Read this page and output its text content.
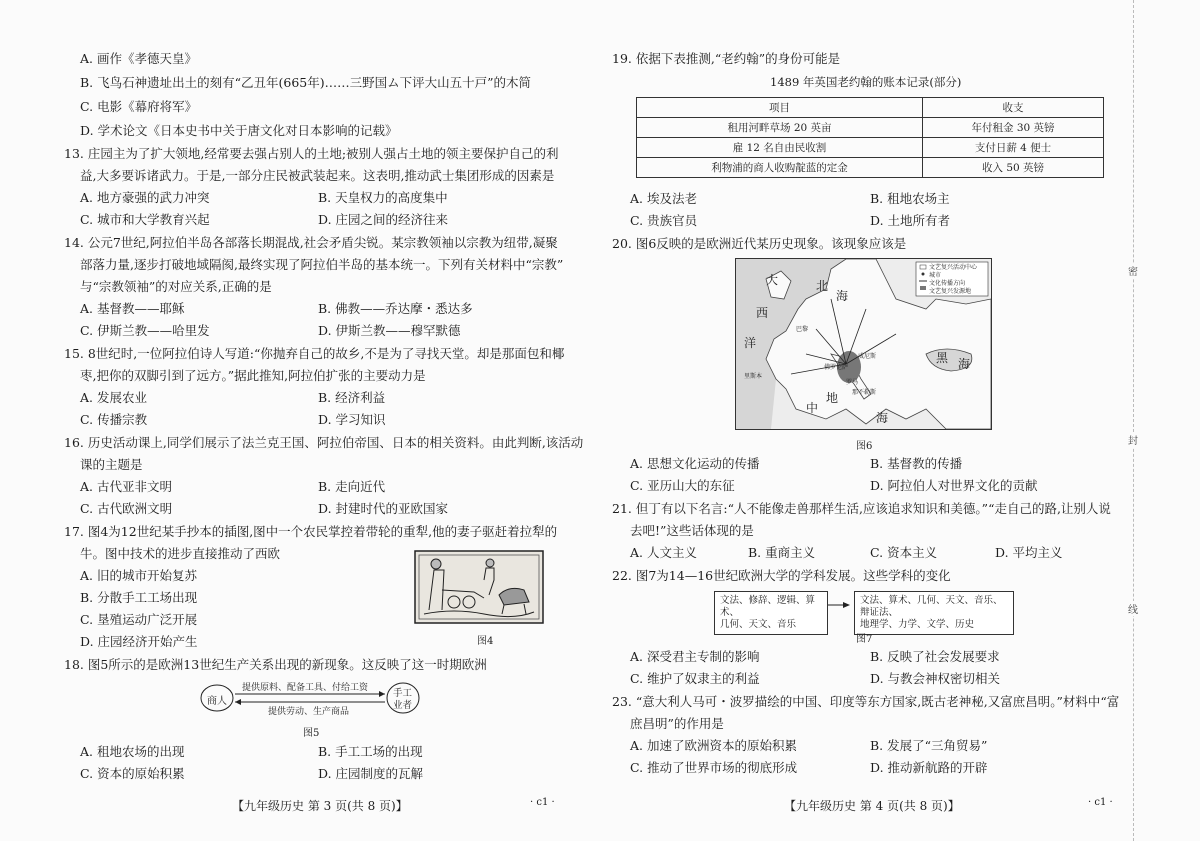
A. 画作《孝德天皇》
B. 飞鸟石神遗址出土的刻有“乙丑年(665年)……三野国ム下评大山五十戸”的木简
C. 电影《幕府将军》
D. 学术论文《日本史书中关于唐文化对日本影响的记载》
13. 庄园主为了扩大领地,经常要去强占别人的土地;被别人强占土地的领主要保护自己的利
益,大多要诉诸武力。于是,一部分庄民被武装起来。这表明,推动武士集团形成的因素是
A. 地方豪强的武力冲突	B. 天皇权力的高度集中
C. 城市和大学教育兴起	D. 庄园之间的经济往来
14. 公元7世纪,阿拉伯半岛各部落长期混战,社会矛盾尖锐。某宗教领袖以宗教为纽带,凝聚
部落力量,逐步打破地域隔阂,最终实现了阿拉伯半岛的基本统一。下列有关材料中“宗教”
与“宗教领袖”的对应关系,正确的是
A. 基督教——耶稣	B. 佛教——乔达摩・悉达多
C. 伊斯兰教——哈里发	D. 伊斯兰教——穆罕默德
15. 8世纪时,一位阿拉伯诗人写道:“你抛弃自己的故乡,不是为了寻找天堂。却是那面包和椰
枣,把你的双脚引到了远方。”据此推知,阿拉伯扩张的主要动力是
A. 发展农业	B. 经济利益
C. 传播宗教	D. 学习知识
16. 历史活动课上,同学们展示了法兰克王国、阿拉伯帝国、日本的相关资料。由此判断,该活动
课的主题是
A. 古代亚非文明	B. 走向近代
C. 古代欧洲文明	D. 封建时代的亚欧国家
17. 图4为12世纪某手抄本的插图,图中一个农民掌控着带轮的重犁,他的妻子驱赶着拉犁的
牛。图中技术的进步直接推动了西欧
A. 旧的城市开始复苏
B. 分散手工工场出现
C. 垦殖运动广泛开展
D. 庄园经济开始产生	图4
18. 图5所示的是欧洲13世纪生产关系出现的新现象。这反映了这一时期欧洲
商人
手工
业者
提供原料、配备工具、付给工资
提供劳动、生产商品
图5
A. 租地农场的出现	B. 手工工场的出现
C. 资本的原始积累	D. 庄园制度的瓦解
【九年级历史 第 3 页(共 8 页)】	· c1 ·
19. 依据下表推测,“老约翰”的身份可能是
1489 年英国老约翰的账本记录(部分)
项目	收支
租用河畔草场 20 英亩	年付租金 30 英镑
雇 12 名自由民收割	支付日薪 4 便士
利物浦的商人收购靛蓝的定金	收入 50 英镑
A. 埃及法老	B. 租地农场主
C. 贵族官员	D. 土地所有者
20. 图6反映的是欧洲近代某历史现象。该现象应该是
文艺复兴活动中心
城市
文化传播方向
文艺复兴发源地
大
西
洋
海
北
黑 海
地
中
海
巴黎
威尼斯
佛罗伦萨
罗马
那不勒斯
里斯本
图6
A. 思想文化运动的传播	B. 基督教的传播
C. 亚历山大的东征	D. 阿拉伯人对世界文化的贡献
21. 但丁有以下名言:“人不能像走兽那样生活,应该追求知识和美德。”“走自己的路,让别人说
去吧!”这些话体现的是
A. 人文主义	B. 重商主义	C. 资本主义	D. 平均主义
22. 图7为14—16世纪欧洲大学的学科发展。这些学科的变化
文法、修辞、逻辑、算术、
几何、天文、音乐
文法、算术、几何、天文、音乐、辩证法、
地理学、力学、文学、历史
图7
A. 深受君主专制的影响	B. 反映了社会发展要求
C. 维护了奴隶主的利益	D. 与教会神权密切相关
23. “意大利人马可・波罗描绘的中国、印度等东方国家,既古老神秘,又富庶昌明。”材料中“富
庶昌明”的作用是
A. 加速了欧洲资本的原始积累	B. 发展了“三角贸易”
C. 推动了世界市场的彻底形成	D. 推动新航路的开辟
【九年级历史 第 4 页(共 8 页)】	· c1 ·
密
封
线
